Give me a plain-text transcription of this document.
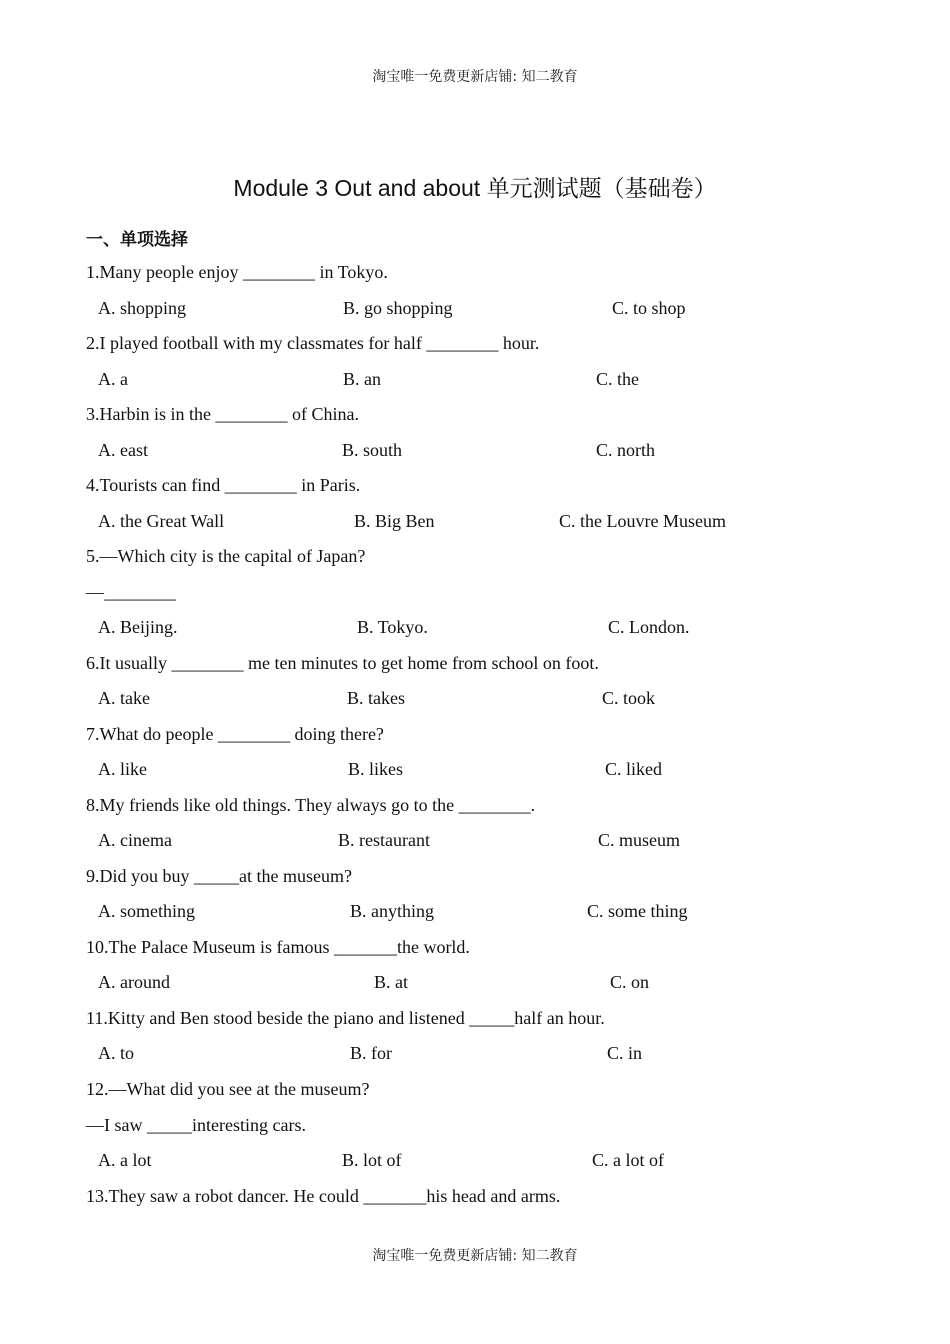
淘宝唯一免费更新店铺: 知二教育
Module 3 Out and about 单元测试题（基础卷）
一、单项选择
1.Many people enjoy ________ in Tokyo.
A. shopping	B. go shopping	C. to shop
2.I played football with my classmates for half ________ hour.
A. a	B. an	C. the
3.Harbin is in the ________ of China.
A. east	B. south	C. north
4.Tourists can find ________ in Paris.
A. the Great Wall	B. Big Ben	C. the Louvre Museum
5.—Which city is the capital of Japan?
—________
A. Beijing.	B. Tokyo.	C. London.
6.It usually ________ me ten minutes to get home from school on foot.
A. take	B. takes	C. took
7.What do people ________ doing there?
A. like	B. likes	C. liked
8.My friends like old things. They always go to the ________.
A. cinema	B. restaurant	C. museum
9.Did you buy _____at the museum?
A. something	B. anything	C. some thing
10.The Palace Museum is famous _______the world.
A. around	B. at	C. on
11.Kitty and Ben stood beside the piano and listened _____half an hour.
A. to	B. for	C. in
12.—What did you see at the museum?
—I saw _____interesting cars.
A. a lot	B. lot of	C. a lot of
13.They saw a robot dancer. He could _______his head and arms.
淘宝唯一免费更新店铺: 知二教育
